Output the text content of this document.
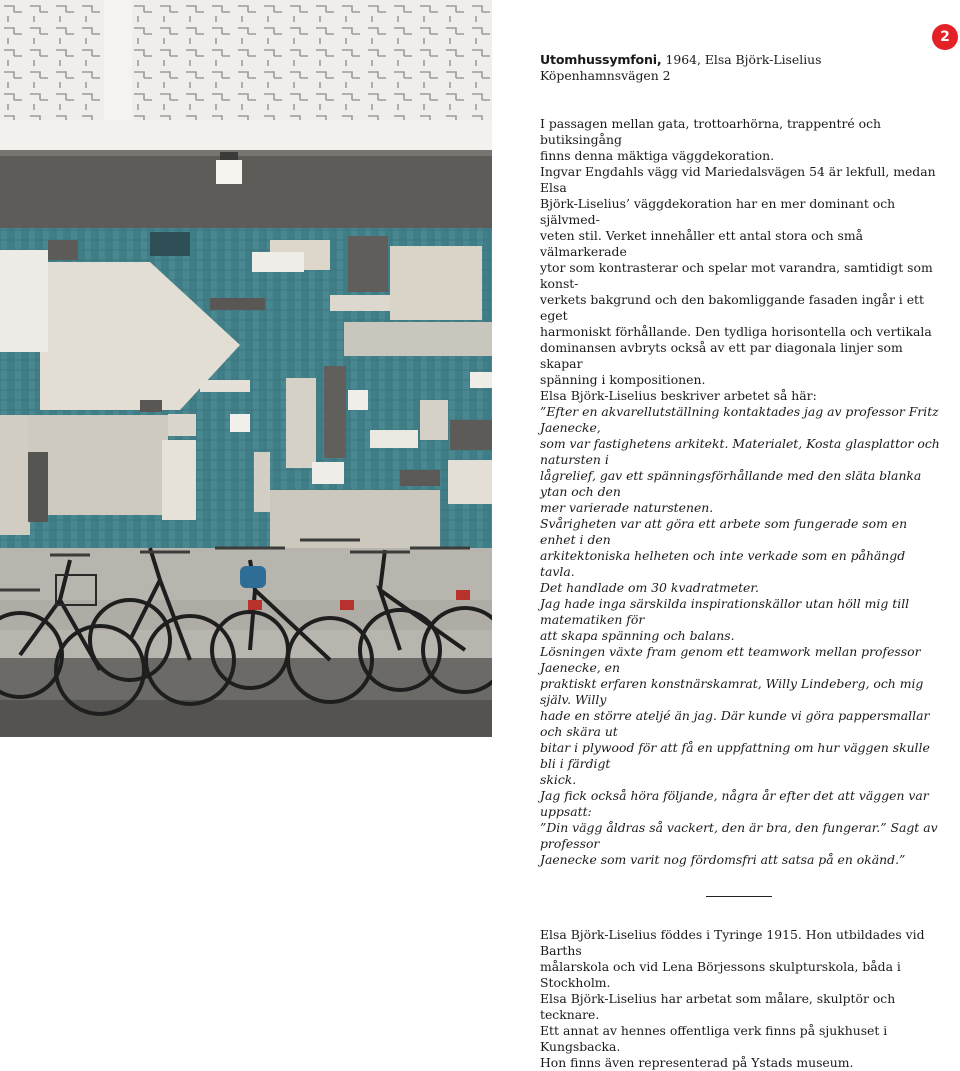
2

Utomhussymfoni, 1964, Elsa Björk-Liselius
Köpenhamnsvägen 2

I passagen mellan gata, trottoarhörna, trappentré och butiksingång
finns denna mäktiga väggdekoration.
Ingvar Engdahls vägg vid Mariedalsvägen 54 är lekfull, medan Elsa
Björk-Liselius’ väggdekoration har en mer dominant och självmed-
veten stil. Verket innehåller ett antal stora och små välmarkerade
ytor som kontrasterar och spelar mot varandra, samtidigt som konst-
verkets bakgrund och den bakomliggande fasaden ingår i ett eget
harmoniskt förhållande. Den tydliga horisontella och vertikala
dominansen avbryts också av ett par diagonala linjer som skapar
spänning i kompositionen.
Elsa Björk-Liselius beskriver arbetet så här:
”Efter en akvarellutställning kontaktades jag av professor Fritz Jaenecke,
som var fastighetens arkitekt. Materialet, Kosta glasplattor och natursten i
lågrelief, gav ett spänningsförhållande med den släta blanka ytan och den
mer varierade naturstenen.
Svårigheten var att göra ett arbete som fungerade som en enhet i den
arkitektoniska helheten och inte verkade som en påhängd tavla.
Det handlade om 30 kvadratmeter.
Jag hade inga särskilda inspirationskällor utan höll mig till matematiken för
att skapa spänning och balans.
Lösningen växte fram genom ett teamwork mellan professor Jaenecke, en
praktiskt erfaren konstnärskamrat, Willy Lindeberg, och mig själv. Willy
hade en större ateljé än jag. Där kunde vi göra pappersmallar och skära ut
bitar i plywood för att få en uppfattning om hur väggen skulle bli i färdigt
skick.
Jag fick också höra följande, några år efter det att väggen var uppsatt:
”Din vägg åldras så vackert, den är bra, den fungerar.” Sagt av professor
Jaenecke som varit nog fördomsfri att satsa på en okänd.”
Elsa Björk-Liselius föddes i Tyringe 1915. Hon utbildades vid Barths
målarskola och vid Lena Börjessons skulpturskola, båda i Stockholm.
Elsa Björk-Liselius har arbetat som målare, skulptör och tecknare.
Ett annat av hennes offentliga verk finns på sjukhuset i Kungsbacka.
Hon finns även representerad på Ystads museum.
